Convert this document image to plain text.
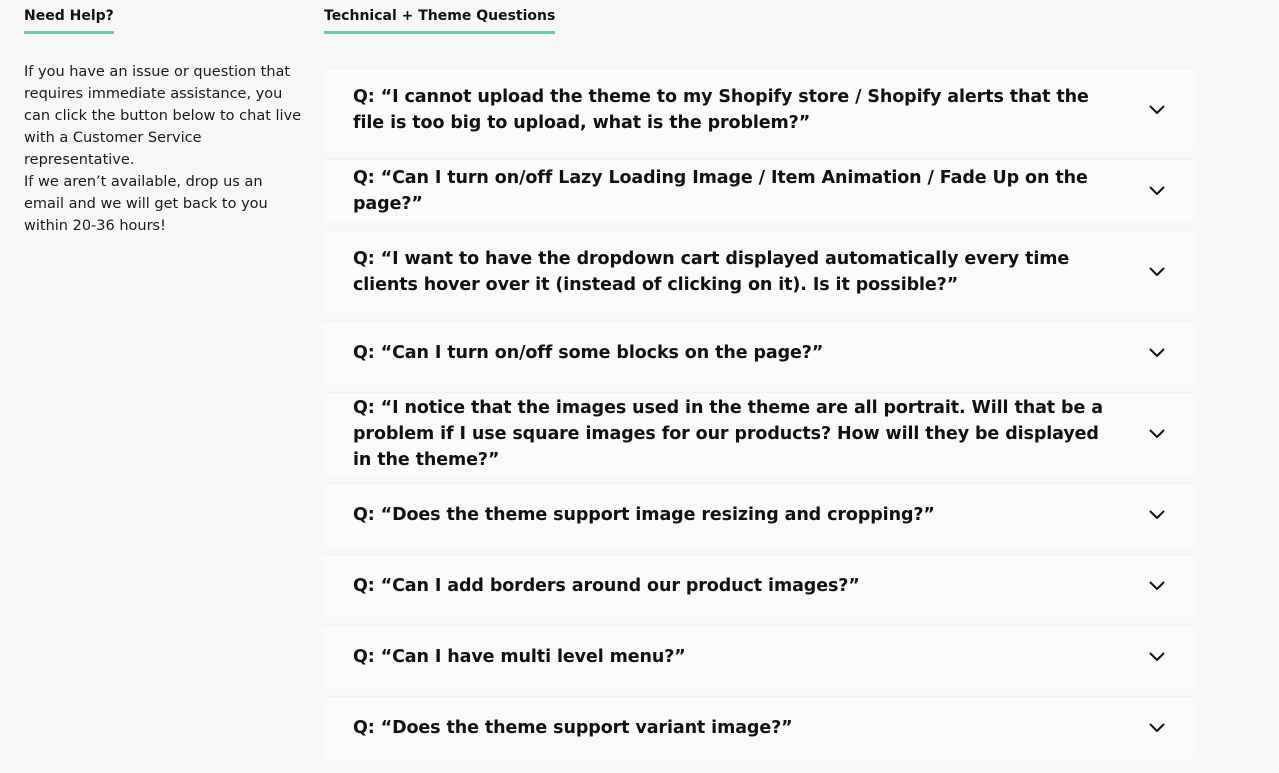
Need Help?

If you have an issue or question that requires immediate assistance, you can click the button below to chat live with a Customer Service representative.

If we aren’t available, drop us an email and we will get back to you within 20-36 hours!

Technical + Theme Questions
Q: “I cannot upload the theme to my Shopify store / Shopify alerts that the file is too big to upload, what is the problem?”
Q: “Can I turn on/off Lazy Loading Image / Item Animation / Fade Up on the page?”
Q: “I want to have the dropdown cart displayed automatically every time clients hover over it (instead of clicking on it). Is it possible?”
Q: “Can I turn on/off some blocks on the page?”
Q: “I notice that the images used in the theme are all portrait. Will that be a problem if I use square images for our products? How will they be displayed in the theme?”
Q: “Does the theme support image resizing and cropping?”
Q: “Can I add borders around our product images?”
Q: “Can I have multi level menu?”
Q: “Does the theme support variant image?”
